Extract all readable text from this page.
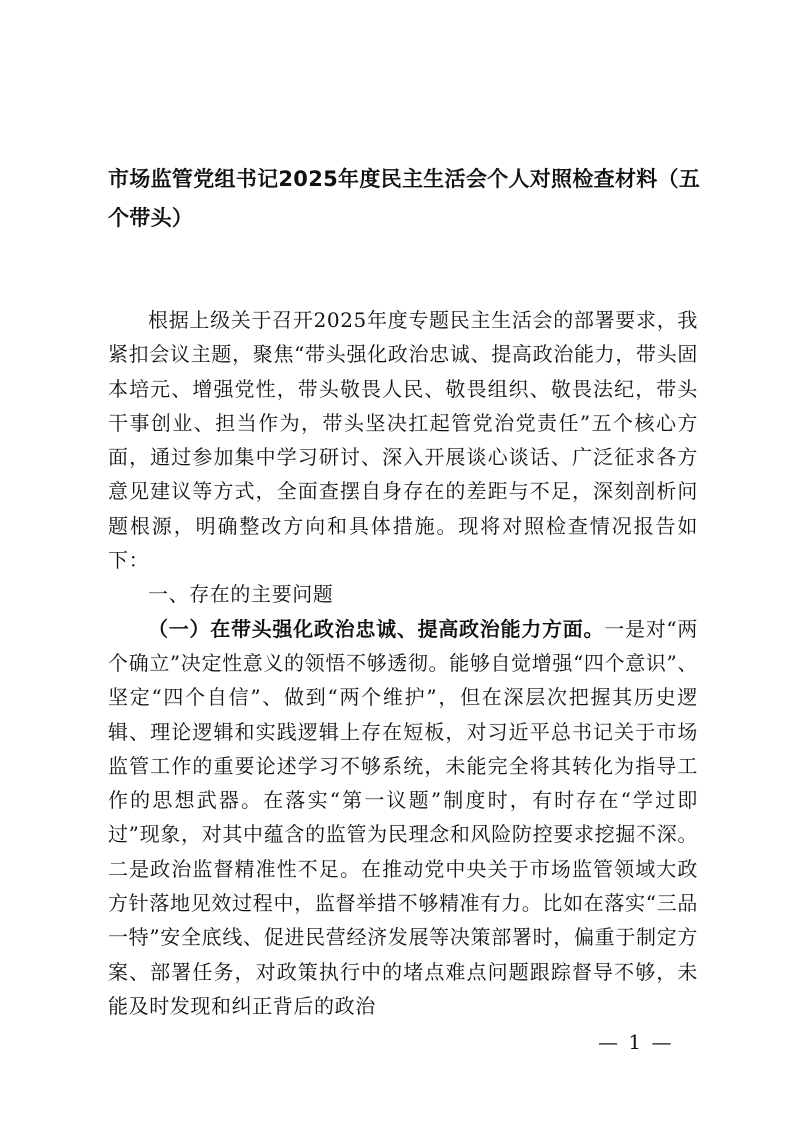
市场监管党组书记2025年度民主生活会个人对照检查材料（五个带头）

根据上级关于召开2025年度专题民主生活会的部署要求，我紧扣会议主题，聚焦“带头强化政治忠诚、提高政治能力，带头固本培元、增强党性，带头敬畏人民、敬畏组织、敬畏法纪，带头干事创业、担当作为，带头坚决扛起管党治党责任”五个核心方面，通过参加集中学习研讨、深入开展谈心谈话、广泛征求各方意见建议等方式，全面查摆自身存在的差距与不足，深刻剖析问题根源，明确整改方向和具体措施。现将对照检查情况报告如下：

一、存在的主要问题

（一）在带头强化政治忠诚、提高政治能力方面。一是对“两个确立”决定性意义的领悟不够透彻。能够自觉增强“四个意识”、坚定“四个自信”、做到“两个维护”，但在深层次把握其历史逻辑、理论逻辑和实践逻辑上存在短板，对习近平总书记关于市场监管工作的重要论述学习不够系统，未能完全将其转化为指导工作的思想武器。在落实“第一议题”制度时，有时存在“学过即过”现象，对其中蕴含的监管为民理念和风险防控要求挖掘不深。二是政治监督精准性不足。在推动党中央关于市场监管领域大政方针落地见效过程中，监督举措不够精准有力。比如在落实“三品一特”安全底线、促进民营经济发展等决策部署时，偏重于制定方案、部署任务，对政策执行中的堵点难点问题跟踪督导不够，未能及时发现和纠正背后的政治

— 1 —
